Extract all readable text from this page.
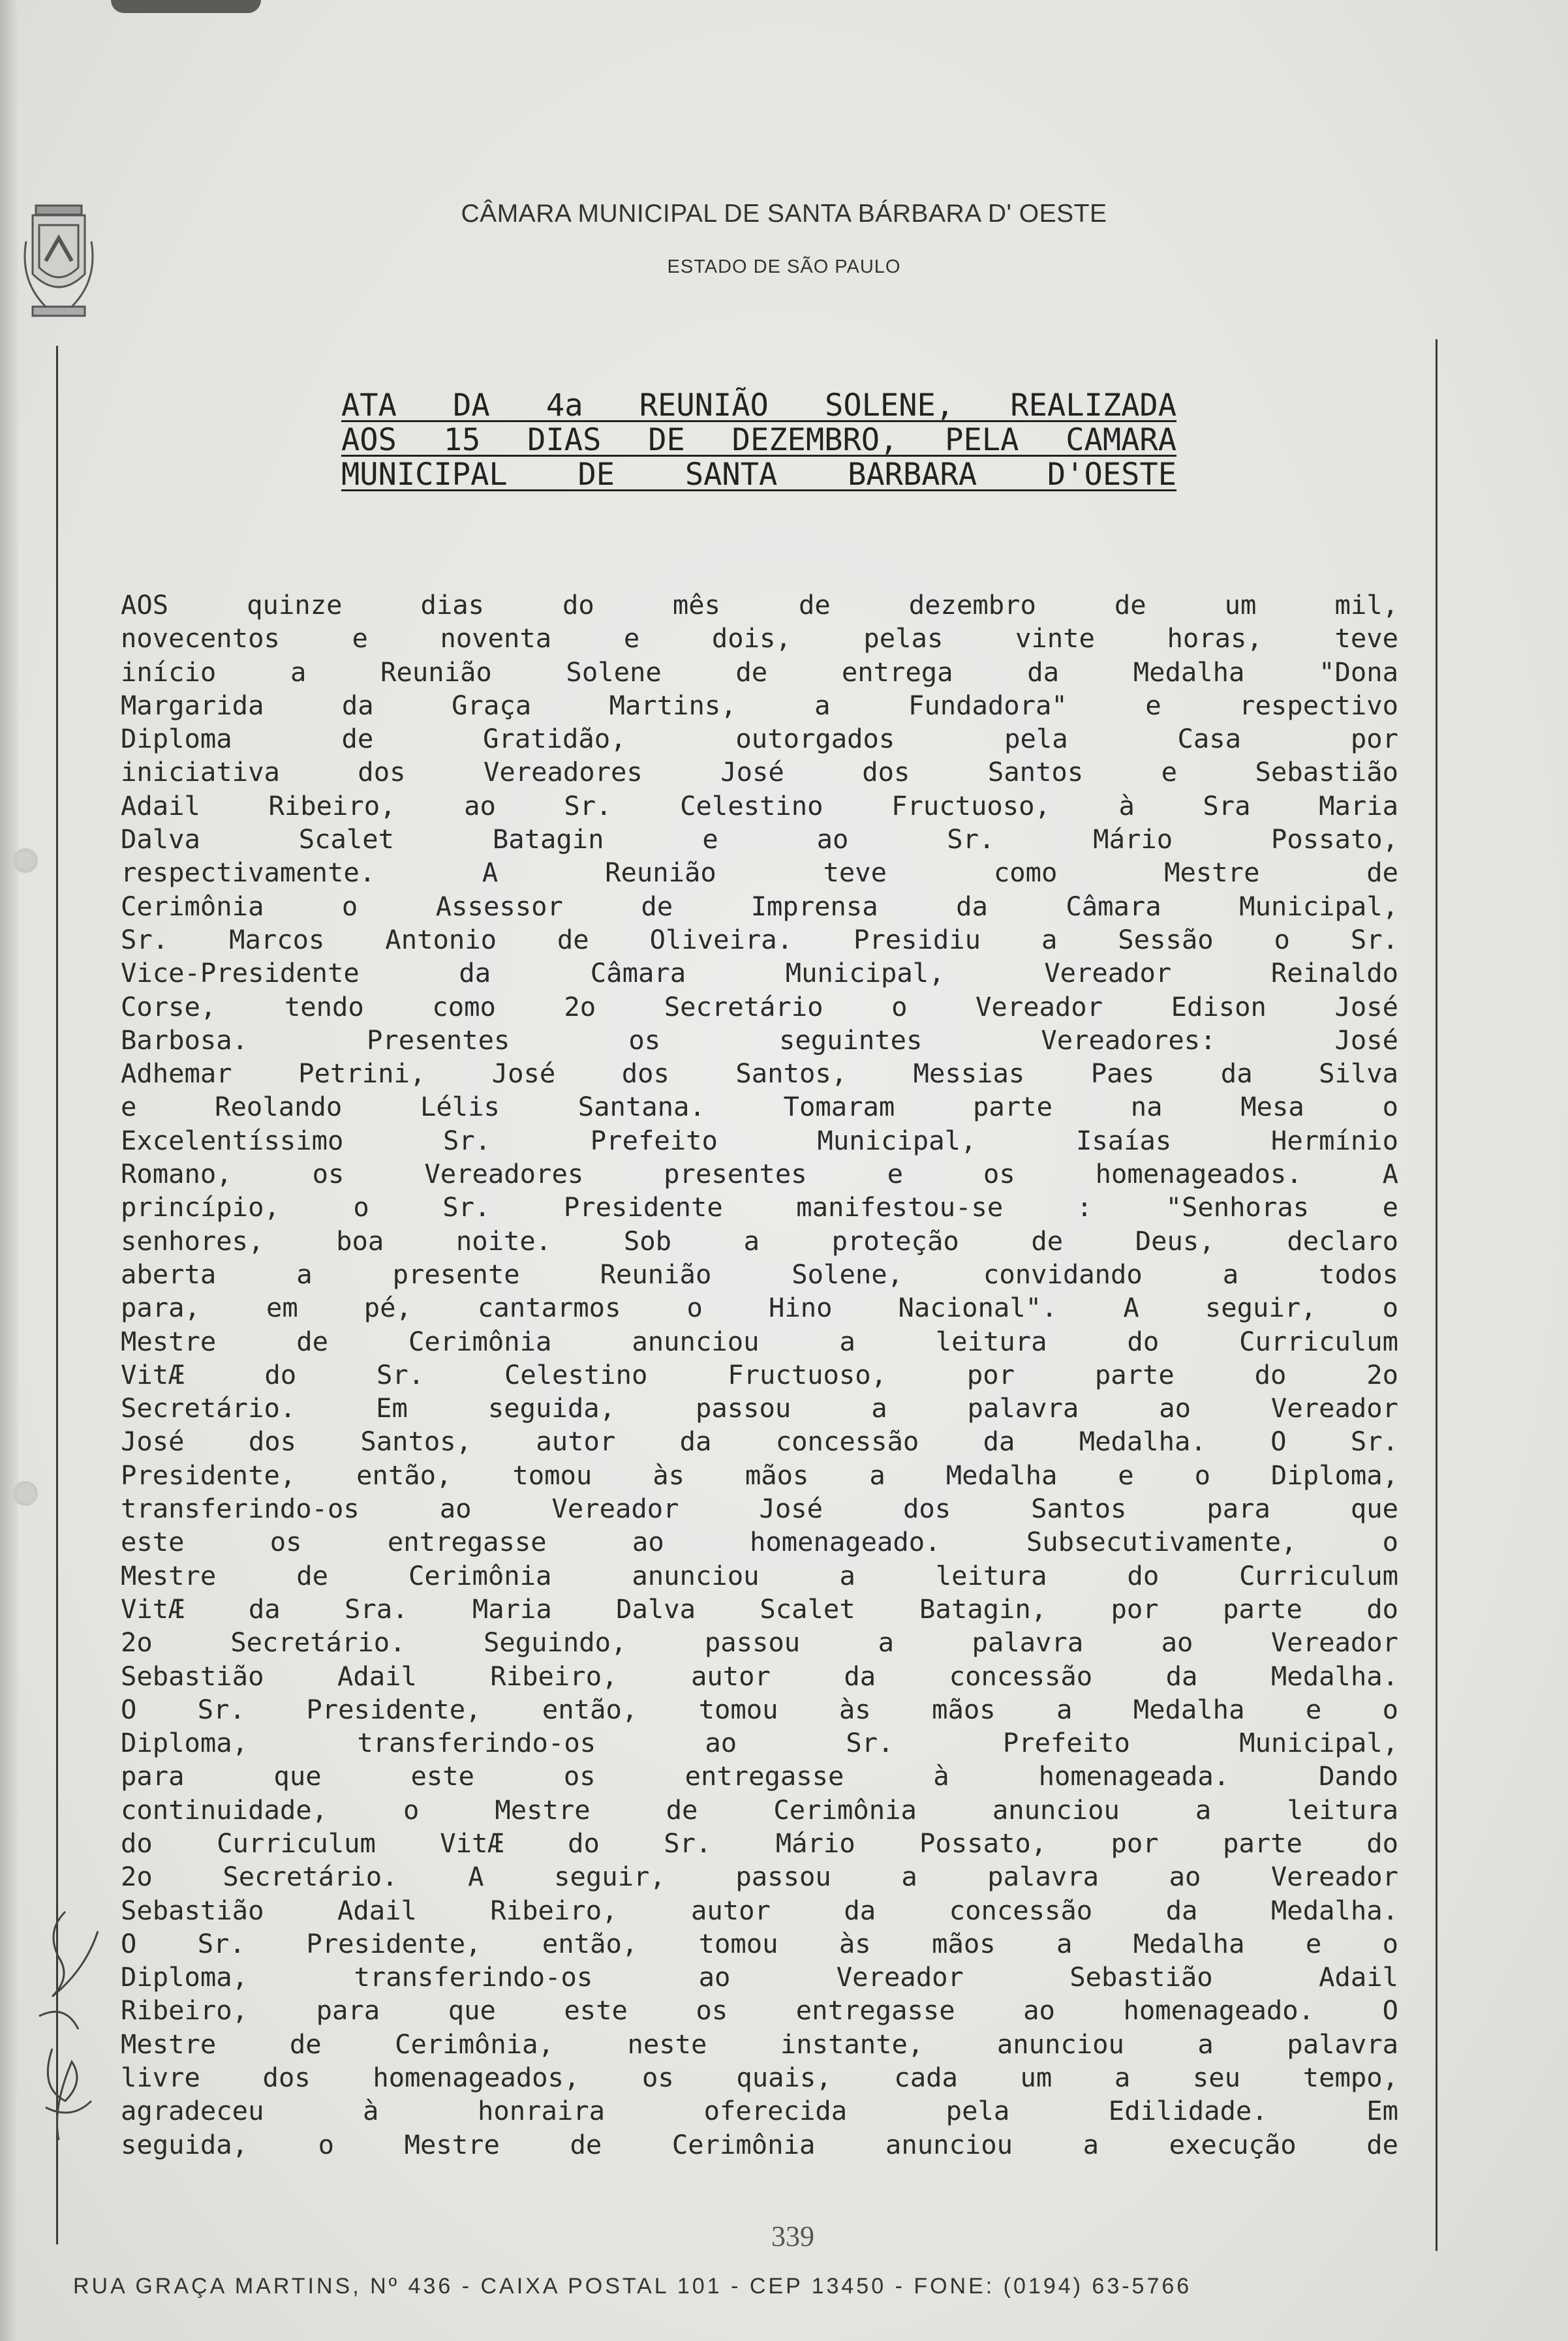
CÂMARA MUNICIPAL DE SANTA BÁRBARA D' OESTE
ESTADO DE SÃO PAULO
ATA DA 4a REUNIÃO SOLENE, REALIZADA
AOS 15 DIAS DE DEZEMBRO, PELA CAMARA
MUNICIPAL DE SANTA BARBARA D'OESTE
AOS quinze dias do mês de dezembro de um mil,
novecentos e noventa e dois, pelas vinte horas, teve
início a Reunião Solene de entrega da Medalha "Dona
Margarida da Graça Martins, a Fundadora" e respectivo
Diploma de Gratidão, outorgados pela Casa por
iniciativa dos Vereadores José dos Santos e Sebastião
Adail Ribeiro, ao Sr. Celestino Fructuoso, à Sra Maria
Dalva Scalet Batagin e ao Sr. Mário Possato,
respectivamente. A Reunião teve como Mestre de
Cerimônia o Assessor de Imprensa da Câmara Municipal,
Sr. Marcos Antonio de Oliveira. Presidiu a Sessão o Sr.
Vice-Presidente da Câmara Municipal, Vereador Reinaldo
Corse, tendo como 2o Secretário o Vereador Edison José
Barbosa. Presentes os seguintes Vereadores: José
Adhemar Petrini, José dos Santos, Messias Paes da Silva
e Reolando Lélis Santana. Tomaram parte na Mesa o
Excelentíssimo Sr. Prefeito Municipal, Isaías Hermínio
Romano, os Vereadores presentes e os homenageados. A
princípio, o Sr. Presidente manifestou-se : "Senhoras e
senhores, boa noite. Sob a proteção de Deus, declaro
aberta a presente Reunião Solene, convidando a todos
para, em pé, cantarmos o Hino Nacional". A seguir, o
Mestre de Cerimônia anunciou a leitura do Curriculum
VitÆ do Sr. Celestino Fructuoso, por parte do 2o
Secretário. Em seguida, passou a palavra ao Vereador
José dos Santos, autor da concessão da Medalha. O Sr.
Presidente, então, tomou às mãos a Medalha e o Diploma,
transferindo-os ao Vereador José dos Santos para que
este os entregasse ao homenageado. Subsecutivamente, o
Mestre de Cerimônia anunciou a leitura do Curriculum
VitÆ da Sra. Maria Dalva Scalet Batagin, por parte do
2o Secretário. Seguindo, passou a palavra ao Vereador
Sebastião Adail Ribeiro, autor da concessão da Medalha.
O Sr. Presidente, então, tomou às mãos a Medalha e o
Diploma, transferindo-os ao Sr. Prefeito Municipal,
para que este os entregasse à homenageada. Dando
continuidade, o Mestre de Cerimônia anunciou a leitura
do Curriculum VitÆ do Sr. Mário Possato, por parte do
2o Secretário. A seguir, passou a palavra ao Vereador
Sebastião Adail Ribeiro, autor da concessão da Medalha.
O Sr. Presidente, então, tomou às mãos a Medalha e o
Diploma, transferindo-os ao Vereador Sebastião Adail
Ribeiro, para que este os entregasse ao homenageado. O
Mestre de Cerimônia, neste instante, anunciou a palavra
livre dos homenageados, os quais, cada um a seu tempo,
agradeceu à honraira oferecida pela Edilidade. Em
seguida, o Mestre de Cerimônia anunciou a execução de
339
RUA GRAÇA MARTINS, Nº 436 - CAIXA POSTAL 101 - CEP 13450 - FONE: (0194) 63-5766
